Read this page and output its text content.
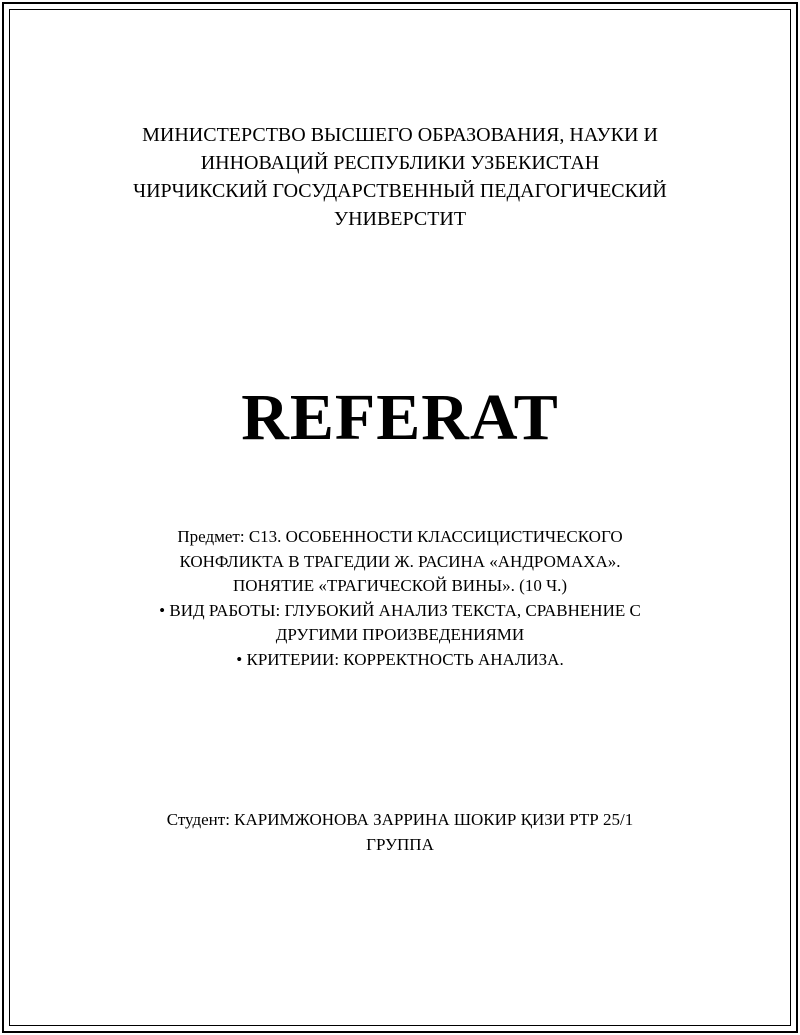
МИНИСТЕРСТВО ВЫСШЕГО ОБРАЗОВАНИЯ, НАУКИ И
ИННОВАЦИЙ РЕСПУБЛИКИ УЗБЕКИСТАН
ЧИРЧИКСКИЙ ГОСУДАРСТВЕННЫЙ ПЕДАГОГИЧЕСКИЙ
УНИВЕРСТИТ
REFERAT
Предмет: С13. ОСОБЕННОСТИ КЛАССИЦИСТИЧЕСКОГО
КОНФЛИКТА В ТРАГЕДИИ Ж. РАСИНА «АНДРОМАХА».
ПОНЯТИЕ «ТРАГИЧЕСКОЙ ВИНЫ». (10 Ч.)
• ВИД РАБОТЫ: ГЛУБОКИЙ АНАЛИЗ ТЕКСТА, СРАВНЕНИЕ С
ДРУГИМИ ПРОИЗВЕДЕНИЯМИ
• КРИТЕРИИ: КОРРЕКТНОСТЬ АНАЛИЗА.
Студент: КАРИМЖОНОВА ЗАРРИНА ШОКИР ҚИЗИ РТР 25/1
ГРУППА
